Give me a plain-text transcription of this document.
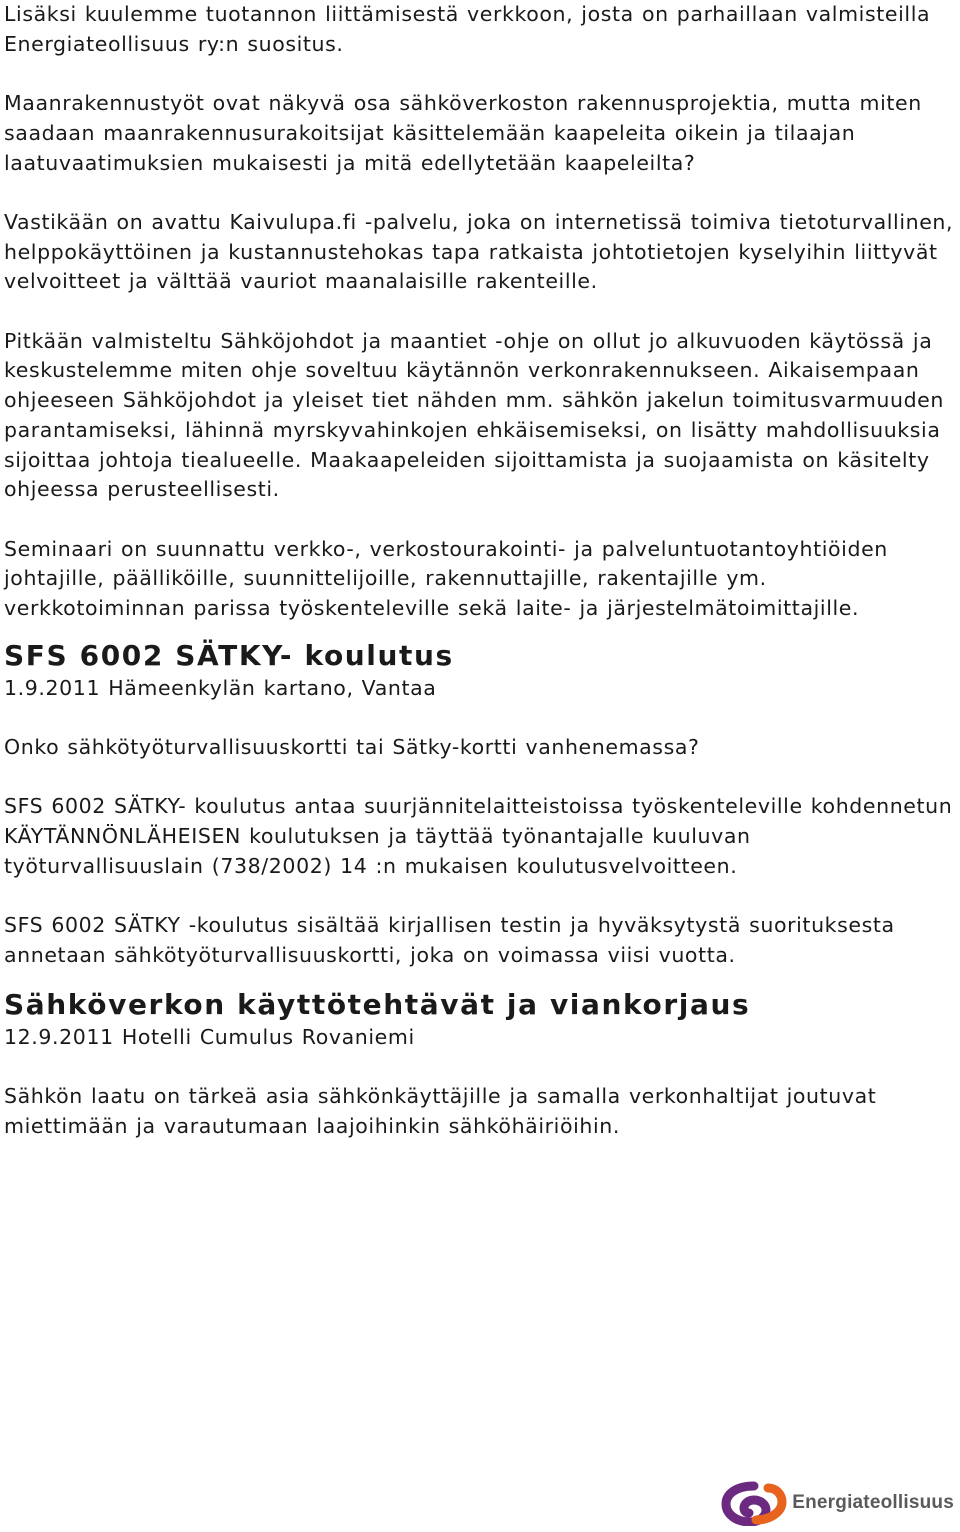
Lisäksi kuulemme tuotannon liittämisestä verkkoon, josta on parhaillaan valmisteilla Energiateollisuus ry:n suositus.

Maanrakennustyöt ovat näkyvä osa sähköverkoston rakennusprojektia, mutta miten saadaan maanrakennusurakoitsijat käsittelemään kaapeleita oikein ja tilaajan laatuvaatimuksien mukaisesti ja mitä edellytetään kaapeleilta?

Vastikään on avattu Kaivulupa.fi -palvelu, joka on internetissä toimiva tietoturvallinen, helppokäyttöinen ja kustannustehokas tapa ratkaista johtotietojen kyselyihin liittyvät velvoitteet ja välttää vauriot maanalaisille rakenteille.

Pitkään valmisteltu Sähköjohdot ja maantiet -ohje on ollut jo alkuvuoden käytössä ja keskustelemme miten ohje soveltuu käytännön verkonrakennukseen. Aikaisempaan ohjeeseen Sähköjohdot ja yleiset tiet nähden mm. sähkön jakelun toimitusvarmuuden parantamiseksi, lähinnä myrskyvahinkojen ehkäisemiseksi, on lisätty mahdollisuuksia sijoittaa johtoja tiealueelle. Maakaapeleiden sijoittamista ja suojaamista on käsitelty ohjeessa perusteellisesti.

Seminaari on suunnattu verkko-, verkostourakointi- ja palveluntuotantoyhtiöiden johtajille, päälliköille, suunnittelijoille, rakennuttajille, rakentajille ym. verkkotoiminnan parissa työskenteleville sekä laite- ja järjestelmätoimittajille.

SFS 6002 SÄTKY- koulutus

1.9.2011 Hämeenkylän kartano, Vantaa

Onko sähkötyöturvallisuuskortti tai Sätky-kortti vanhenemassa?

SFS 6002 SÄTKY- koulutus antaa suurjännitelaitteistoissa työskenteleville kohdennetun KÄYTÄNNÖNLÄHEISEN koulutuksen ja täyttää työnantajalle kuuluvan työturvallisuuslain (738/2002) 14 :n mukaisen koulutusvelvoitteen.

SFS 6002 SÄTKY -koulutus sisältää kirjallisen testin ja hyväksytystä suorituksesta annetaan sähkötyöturvallisuuskortti, joka on voimassa viisi vuotta.

Sähköverkon käyttötehtävät ja viankorjaus

12.9.2011 Hotelli Cumulus Rovaniemi

Sähkön laatu on tärkeä asia sähkönkäyttäjille ja samalla verkonhaltijat joutuvat miettimään ja varautumaan laajoihinkin sähköhäiriöihin.

Energiateollisuus
